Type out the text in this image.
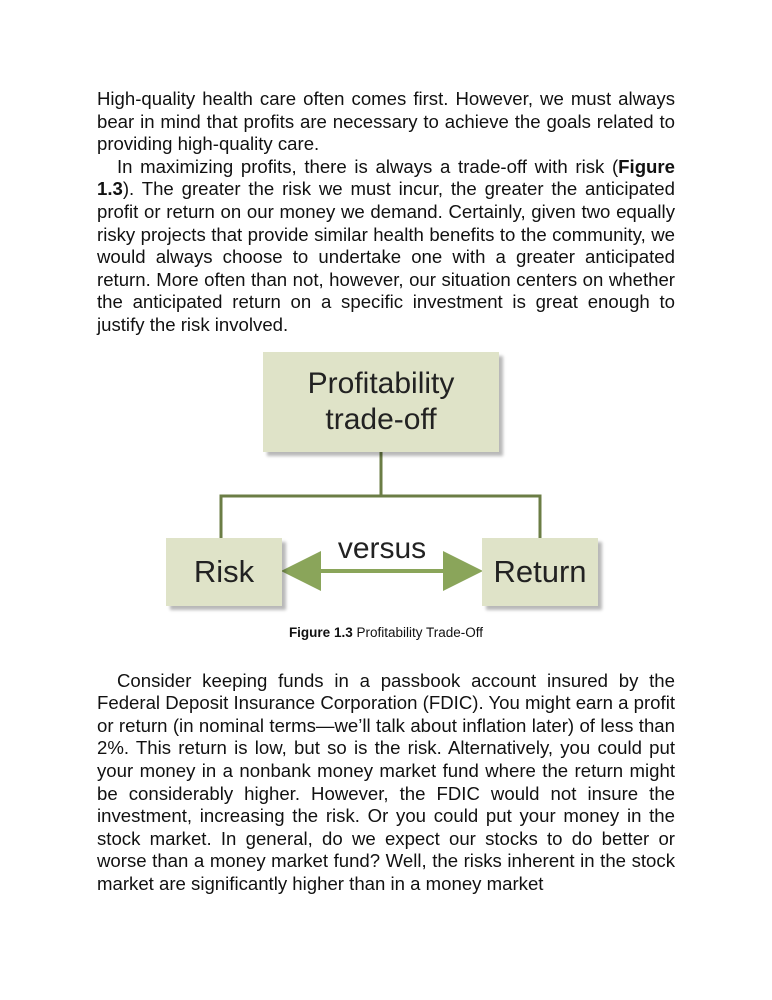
High-quality health care often comes first. However, we must always bear in mind that profits are necessary to achieve the goals related to providing high-quality care.

In maximizing profits, there is always a trade-off with risk (Figure 1.3). The greater the risk we must incur, the greater the anticipated profit or return on our money we demand. Certainly, given two equally risky projects that provide similar health benefits to the community, we would always choose to undertake one with a greater anticipated return. More often than not, however, our situation centers on whether the anticipated return on a specific investment is great enough to justify the risk involved.

Profitability
trade-off
Risk	Return
versus
Figure 1.3 Profitability Trade-Off

Consider keeping funds in a passbook account insured by the Federal Deposit Insurance Corporation (FDIC). You might earn a profit or return (in nominal terms—we’ll talk about inflation later) of less than 2%. This return is low, but so is the risk. Alternatively, you could put your money in a nonbank money market fund where the return might be considerably higher. However, the FDIC would not insure the investment, increasing the risk. Or you could put your money in the stock market. In general, do we expect our stocks to do better or worse than a money market fund? Well, the risks inherent in the stock market are significantly higher than in a money market
